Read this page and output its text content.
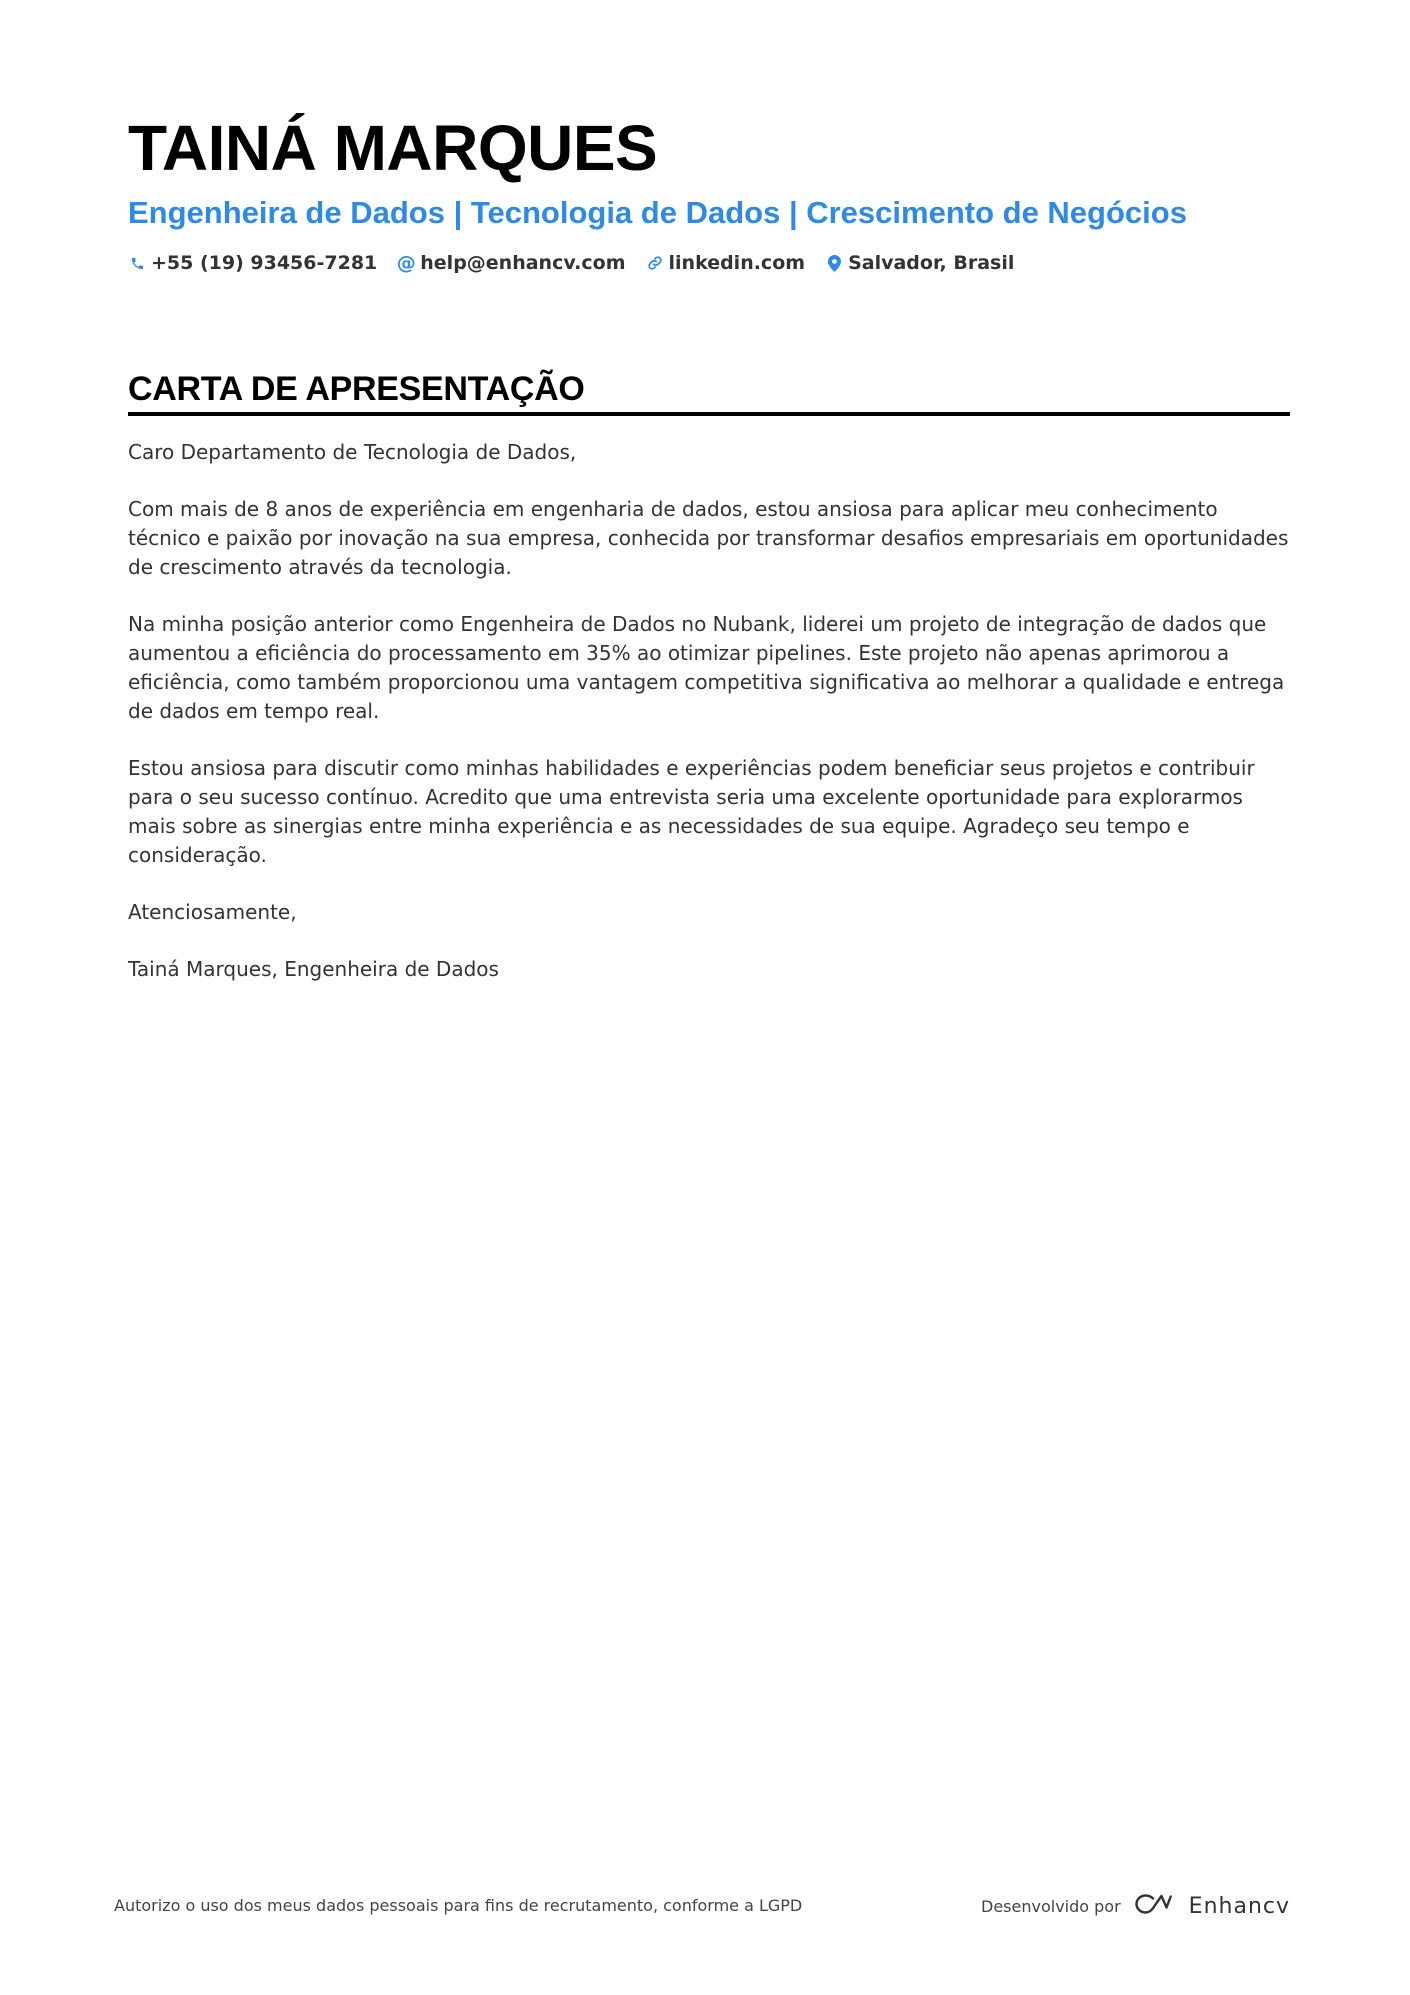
TAINÁ MARQUES
Engenheira de Dados | Tecnologia de Dados | Crescimento de Negócios
+55 (19) 93456-7281 @ help@enhancv.com linkedin.com Salvador, Brasil
CARTA DE APRESENTAÇÃO

Caro Departamento de Tecnologia de Dados,

Com mais de 8 anos de experiência em engenharia de dados, estou ansiosa para aplicar meu conhecimento técnico e paixão por inovação na sua empresa, conhecida por transformar desafios empresariais em oportunidades de crescimento através da tecnologia.

Na minha posição anterior como Engenheira de Dados no Nubank, liderei um projeto de integração de dados que aumentou a eficiência do processamento em 35% ao otimizar pipelines. Este projeto não apenas aprimorou a eficiência, como também proporcionou uma vantagem competitiva significativa ao melhorar a qualidade e entrega de dados em tempo real.

Estou ansiosa para discutir como minhas habilidades e experiências podem beneficiar seus projetos e contribuir para o seu sucesso contínuo. Acredito que uma entrevista seria uma excelente oportunidade para explorarmos mais sobre as sinergias entre minha experiência e as necessidades de sua equipe. Agradeço seu tempo e consideração.

Atenciosamente,

Tainá Marques, Engenheira de Dados

Autorizo o uso dos meus dados pessoais para fins de recrutamento, conforme a LGPD	Desenvolvido por	Enhancv
